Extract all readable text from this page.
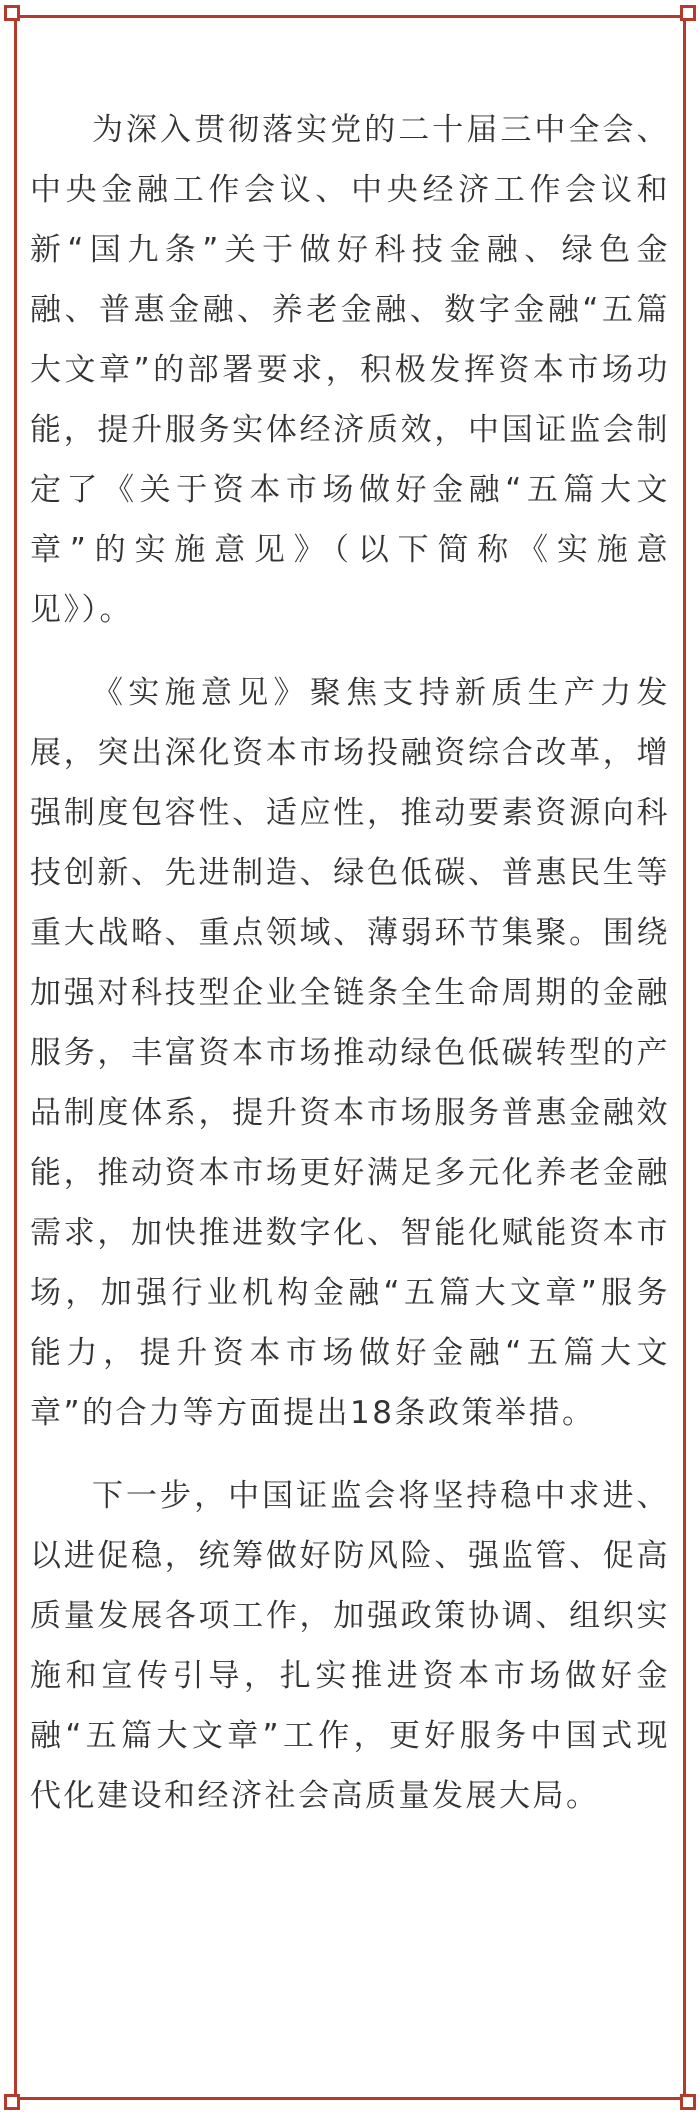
为深入贯彻落实党的二十届三中全会、中央金融工作会议、中央经济工作会议和新“国九条”关于做好科技金融、绿色金融、普惠金融、养老金融、数字金融“五篇大文章”的部署要求，积极发挥资本市场功能，提升服务实体经济质效，中国证监会制定了《关于资本市场做好金融“五篇大文章”的实施意见》（以下简称《实施意见》）。

《实施意见》聚焦支持新质生产力发展，突出深化资本市场投融资综合改革，增强制度包容性、适应性，推动要素资源向科技创新、先进制造、绿色低碳、普惠民生等重大战略、重点领域、薄弱环节集聚。围绕加强对科技型企业全链条全生命周期的金融服务，丰富资本市场推动绿色低碳转型的产品制度体系，提升资本市场服务普惠金融效能，推动资本市场更好满足多元化养老金融需求，加快推进数字化、智能化赋能资本市场，加强行业机构金融“五篇大文章”服务能力，提升资本市场做好金融“五篇大文章”的合力等方面提出18条政策举措。

下一步，中国证监会将坚持稳中求进、以进促稳，统筹做好防风险、强监管、促高质量发展各项工作，加强政策协调、组织实施和宣传引导，扎实推进资本市场做好金融“五篇大文章”工作，更好服务中国式现代化建设和经济社会高质量发展大局。
